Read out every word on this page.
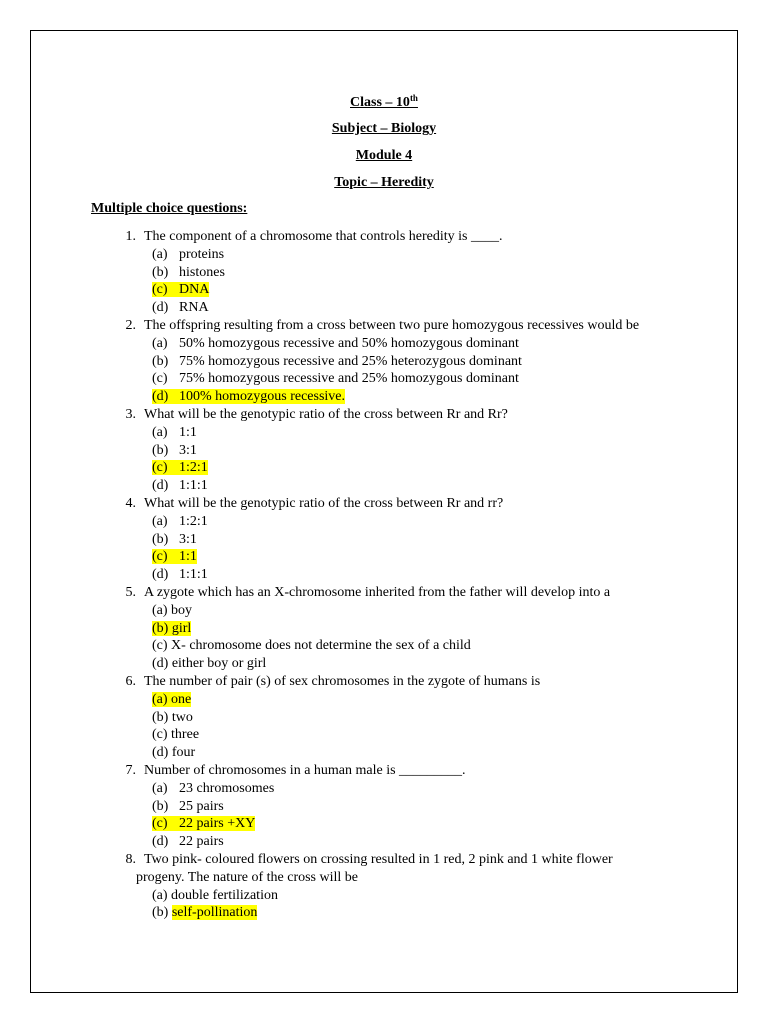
Class – 10th
Subject – Biology
Module 4
Topic – Heredity
Multiple choice questions:
1. The component of a chromosome that controls heredity is ____.
(a) proteins
(b) histones
(c) DNA
(d) RNA
2. The offspring resulting from a cross between two pure homozygous recessives would be
(a) 50% homozygous recessive and 50% homozygous dominant
(b) 75% homozygous recessive and 25% heterozygous dominant
(c) 75% homozygous recessive and 25% homozygous dominant
(d) 100% homozygous recessive.
3. What will be the genotypic ratio of the cross between Rr and Rr?
(a) 1:1
(b) 3:1
(c) 1:2:1
(d) 1:1:1
4. What will be the genotypic ratio of the cross between Rr and rr?
(a) 1:2:1
(b) 3:1
(c) 1:1
(d) 1:1:1
5. A zygote which has an X-chromosome inherited from the father will develop into a
(a) boy
(b) girl
(c) X- chromosome does not determine the sex of a child
(d) either boy or girl
6. The number of pair (s) of sex chromosomes in the zygote of humans is
(a) one
(b) two
(c) three
(d) four
7. Number of chromosomes in a human male is _________.
(a) 23 chromosomes
(b) 25 pairs
(c) 22 pairs +XY
(d) 22 pairs
8. Two pink- coloured flowers on crossing resulted in 1 red, 2 pink and 1 white flower
progeny. The nature of the cross will be
(a) double fertilization
(b) self-pollination
